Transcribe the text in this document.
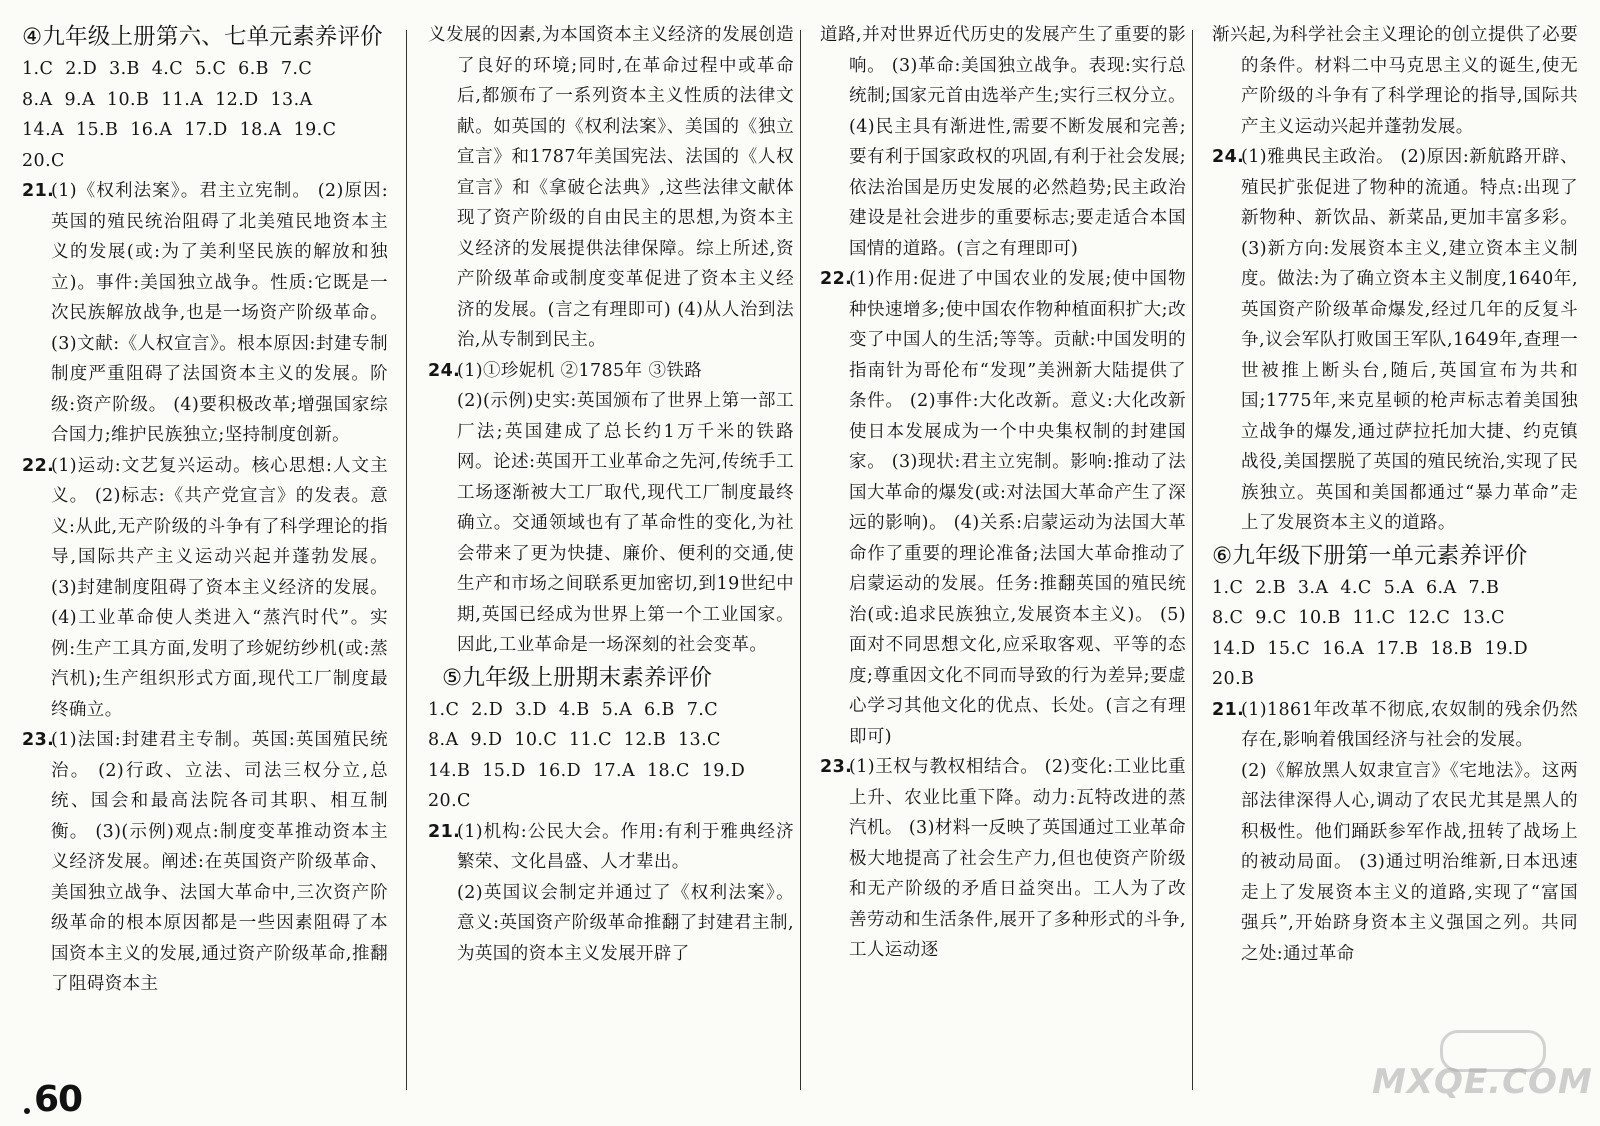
④九年级上册第六、七单元素养评价

1.C  2.D  3.B  4.C  5.C  6.B  7.C

8.A  9.A  10.B  11.A  12.D  13.A

14.A  15.B  16.A  17.D  18.A  19.C

20.C

21.(1)《权利法案》。君主立宪制。 (2)原因:英国的殖民统治阻碍了北美殖民地资本主义的发展(或:为了美利坚民族的解放和独立)。事件:美国独立战争。性质:它既是一次民族解放战争,也是一场资产阶级革命。 (3)文献:《人权宣言》。根本原因:封建专制制度严重阻碍了法国资本主义的发展。阶级:资产阶级。 (4)要积极改革;增强国家综合国力;维护民族独立;坚持制度创新。

22.(1)运动:文艺复兴运动。核心思想:人文主义。 (2)标志:《共产党宣言》的发表。意义:从此,无产阶级的斗争有了科学理论的指导,国际共产主义运动兴起并蓬勃发展。 (3)封建制度阻碍了资本主义经济的发展。 (4)工业革命使人类进入“蒸汽时代”。实例:生产工具方面,发明了珍妮纺纱机(或:蒸汽机);生产组织形式方面,现代工厂制度最终确立。

23.(1)法国:封建君主专制。英国:英国殖民统治。 (2)行政、立法、司法三权分立,总统、国会和最高法院各司其职、相互制衡。 (3)(示例)观点:制度变革推动资本主义经济发展。阐述:在英国资产阶级革命、美国独立战争、法国大革命中,三次资产阶级革命的根本原因都是一些因素阻碍了本国资本主义的发展,通过资产阶级革命,推翻了阻碍资本主

义发展的因素,为本国资本主义经济的发展创造了良好的环境;同时,在革命过程中或革命后,都颁布了一系列资本主义性质的法律文献。如英国的《权利法案》、美国的《独立宣言》和1787年美国宪法、法国的《人权宣言》和《拿破仑法典》,这些法律文献体现了资产阶级的自由民主的思想,为资本主义经济的发展提供法律保障。综上所述,资产阶级革命或制度变革促进了资本主义经济的发展。(言之有理即可) (4)从人治到法治,从专制到民主。

24.(1)①珍妮机 ②1785年 ③铁路

(2)(示例)史实:英国颁布了世界上第一部工厂法;英国建成了总长约1万千米的铁路网。论述:英国开工业革命之先河,传统手工工场逐渐被大工厂取代,现代工厂制度最终确立。交通领域也有了革命性的变化,为社会带来了更为快捷、廉价、便利的交通,使生产和市场之间联系更加密切,到19世纪中期,英国已经成为世界上第一个工业国家。因此,工业革命是一场深刻的社会变革。

⑤九年级上册期末素养评价

1.C  2.D  3.D  4.B  5.A  6.B  7.C

8.A  9.D  10.C  11.C  12.B  13.C

14.B  15.D  16.D  17.A  18.C  19.D

20.C

21.(1)机构:公民大会。作用:有利于雅典经济繁荣、文化昌盛、人才辈出。

(2)英国议会制定并通过了《权利法案》。意义:英国资产阶级革命推翻了封建君主制,为英国的资本主义发展开辟了

道路,并对世界近代历史的发展产生了重要的影响。 (3)革命:美国独立战争。表现:实行总统制;国家元首由选举产生;实行三权分立。 (4)民主具有渐进性,需要不断发展和完善;要有利于国家政权的巩固,有利于社会发展;依法治国是历史发展的必然趋势;民主政治建设是社会进步的重要标志;要走适合本国国情的道路。(言之有理即可)

22.(1)作用:促进了中国农业的发展;使中国物种快速增多;使中国农作物种植面积扩大;改变了中国人的生活;等等。贡献:中国发明的指南针为哥伦布“发现”美洲新大陆提供了条件。 (2)事件:大化改新。意义:大化改新使日本发展成为一个中央集权制的封建国家。 (3)现状:君主立宪制。影响:推动了法国大革命的爆发(或:对法国大革命产生了深远的影响)。 (4)关系:启蒙运动为法国大革命作了重要的理论准备;法国大革命推动了启蒙运动的发展。任务:推翻英国的殖民统治(或:追求民族独立,发展资本主义)。 (5)面对不同思想文化,应采取客观、平等的态度;尊重因文化不同而导致的行为差异;要虚心学习其他文化的优点、长处。(言之有理即可)

23.(1)王权与教权相结合。 (2)变化:工业比重上升、农业比重下降。动力:瓦特改进的蒸汽机。 (3)材料一反映了英国通过工业革命极大地提高了社会生产力,但也使资产阶级和无产阶级的矛盾日益突出。工人为了改善劳动和生活条件,展开了多种形式的斗争,工人运动逐

渐兴起,为科学社会主义理论的创立提供了必要的条件。材料二中马克思主义的诞生,使无产阶级的斗争有了科学理论的指导,国际共产主义运动兴起并蓬勃发展。

24.(1)雅典民主政治。 (2)原因:新航路开辟、殖民扩张促进了物种的流通。特点:出现了新物种、新饮品、新菜品,更加丰富多彩。 (3)新方向:发展资本主义,建立资本主义制度。做法:为了确立资本主义制度,1640年,英国资产阶级革命爆发,经过几年的反复斗争,议会军队打败国王军队,1649年,查理一世被推上断头台,随后,英国宣布为共和国;1775年,来克星顿的枪声标志着美国独立战争的爆发,通过萨拉托加大捷、约克镇战役,美国摆脱了英国的殖民统治,实现了民族独立。英国和美国都通过“暴力革命”走上了发展资本主义的道路。

⑥九年级下册第一单元素养评价

1.C  2.B  3.A  4.C  5.A  6.A  7.B

8.C  9.C  10.B  11.C  12.C  13.C

14.D  15.C  16.A  17.B  18.B  19.D

20.B

21.(1)1861年改革不彻底,农奴制的残余仍然存在,影响着俄国经济与社会的发展。

(2)《解放黑人奴隶宣言》《宅地法》。这两部法律深得人心,调动了农民尤其是黑人的积极性。他们踊跃参军作战,扭转了战场上的被动局面。 (3)通过明治维新,日本迅速走上了发展资本主义的道路,实现了“富国强兵”,开始跻身资本主义强国之列。共同之处:通过革命

60	MXQE.COM
